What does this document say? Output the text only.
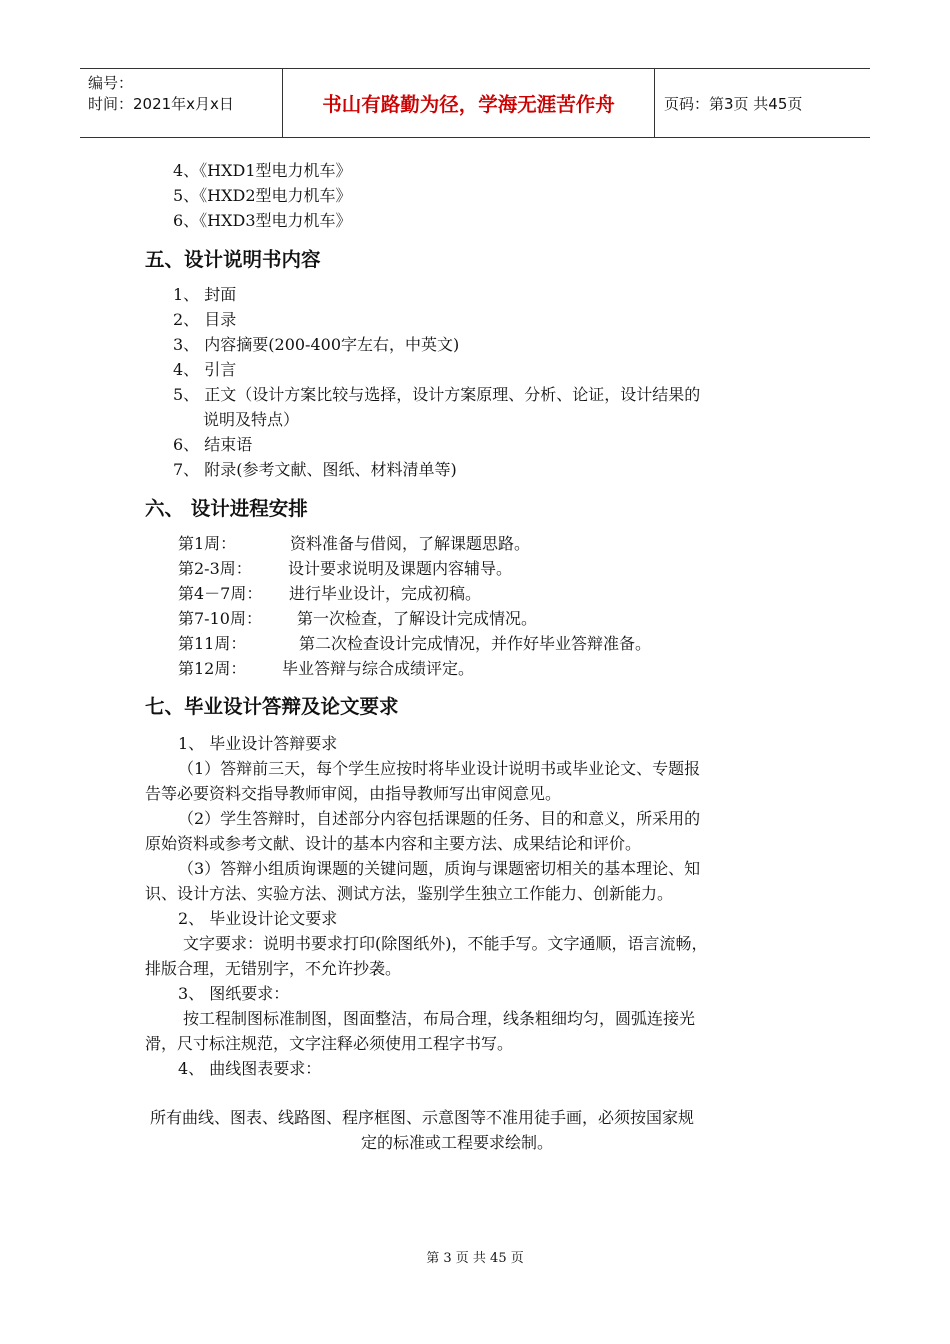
编号：
时间：2021年x月x日	书山有路勤为径，学海无涯苦作舟	页码：第3页 共45页
4、《HXD1型电力机车》
5、《HXD2型电力机车》
6、《HXD3型电力机车》
五、设计说明书内容
1、 封面
2、 目录
3、 内容摘要(200-400字左右，中英文)
4、 引言
5、 正文（设计方案比较与选择，设计方案原理、分析、论证，设计结果的
说明及特点）
6、 结束语
7、 附录(参考文献、图纸、材料清单等)
六、 设计进程安排
第1周：	资料准备与借阅，了解课题思路。
第2-3周： 设计要求说明及课题内容辅导。
第4－7周： 进行毕业设计，完成初稿。
第7-10周： 第一次检查，了解设计完成情况。
第11周：	第二次检查设计完成情况，并作好毕业答辩准备。
第12周： 毕业答辩与综合成绩评定。
七、毕业设计答辩及论文要求
1、 毕业设计答辩要求
（1）答辩前三天，每个学生应按时将毕业设计说明书或毕业论文、专题报
告等必要资料交指导教师审阅，由指导教师写出审阅意见。
（2）学生答辩时，自述部分内容包括课题的任务、目的和意义，所采用的
原始资料或参考文献、设计的基本内容和主要方法、成果结论和评价。
（3）答辩小组质询课题的关键问题，质询与课题密切相关的基本理论、知
识、设计方法、实验方法、测试方法，鉴别学生独立工作能力、创新能力。
2、 毕业设计论文要求
文字要求：说明书要求打印(除图纸外)，不能手写。文字通顺，语言流畅，
排版合理，无错别字，不允许抄袭。
3、 图纸要求：
按工程制图标准制图，图面整洁，布局合理，线条粗细均匀，圆弧连接光
滑，尺寸标注规范，文字注释必须使用工程字书写。
4、 曲线图表要求：
所有曲线、图表、线路图、程序框图、示意图等不准用徒手画，必须按国家规
定的标准或工程要求绘制。
第 3 页 共 45 页
